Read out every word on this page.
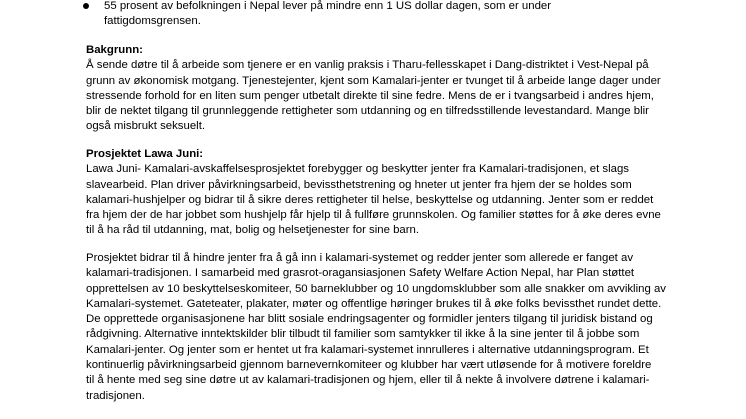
55 prosent av befolkningen i Nepal lever på mindre enn 1 US dollar dagen, som er under

fattigdomsgrensen.

Bakgrunn:

Å sende døtre til å arbeide som tjenere er en vanlig praksis i Tharu-fellesskapet i Dang-distriktet i Vest-Nepal på

grunn av økonomisk motgang. Tjenestejenter, kjent som Kamalari-jenter er tvunget til å arbeide lange dager under

stressende forhold for en liten sum penger utbetalt direkte til sine fedre. Mens de er i tvangsarbeid i andres hjem,

blir de nektet tilgang til grunnleggende rettigheter som utdanning og en tilfredsstillende levestandard. Mange blir

også misbrukt seksuelt.

Prosjektet Lawa Juni:

Lawa Juni- Kamalari-avskaffelsesprosjektet forebygger og beskytter jenter fra Kamalari-tradisjonen, et slags

slavearbeid. Plan driver påvirkningsarbeid, bevissthetstrening og hneter ut jenter fra hjem der se holdes som

kalamari-hushjelper og bidrar til å sikre deres rettigheter til helse, beskyttelse og utdanning. Jenter som er reddet

fra hjem der de har jobbet som hushjelp får hjelp til å fullføre grunnskolen. Og familier støttes for å øke deres evne

til å ha råd til utdanning, mat, bolig og helsetjenester for sine barn.

Prosjektet bidrar til å hindre jenter fra å gå inn i kalamari-systemet og redder jenter som allerede er fanget av

kalamari-tradisjonen. I samarbeid med grasrot-oragansiasjonen Safety Welfare Action Nepal, har Plan støttet

opprettelsen av 10 beskyttelseskomiteer, 50 barneklubber og 10 ungdomsklubber som alle snakker om avvikling av

Kamalari-systemet. Gateteater, plakater, møter og offentlige høringer brukes til å øke folks bevissthet rundet dette.

De opprettede organisasjonene har blitt sosiale endringsagenter og formidler jenters tilgang til juridisk bistand og

rådgivning. Alternative inntektskilder blir tilbudt til familier som samtykker til ikke å la sine jenter til å jobbe som

Kamalari-jenter. Og jenter som er hentet ut fra kalamari-systemet innrulleres i alternative utdanningsprogram. Et

kontinuerlig påvirkningsarbeid gjennom barnevernkomiteer og klubber har vært utløsende for å motivere foreldre

til å hente med seg sine døtre ut av kalamari-tradisjonen og hjem, eller til å nekte å involvere døtrene i kalamari-

tradisjonen.
